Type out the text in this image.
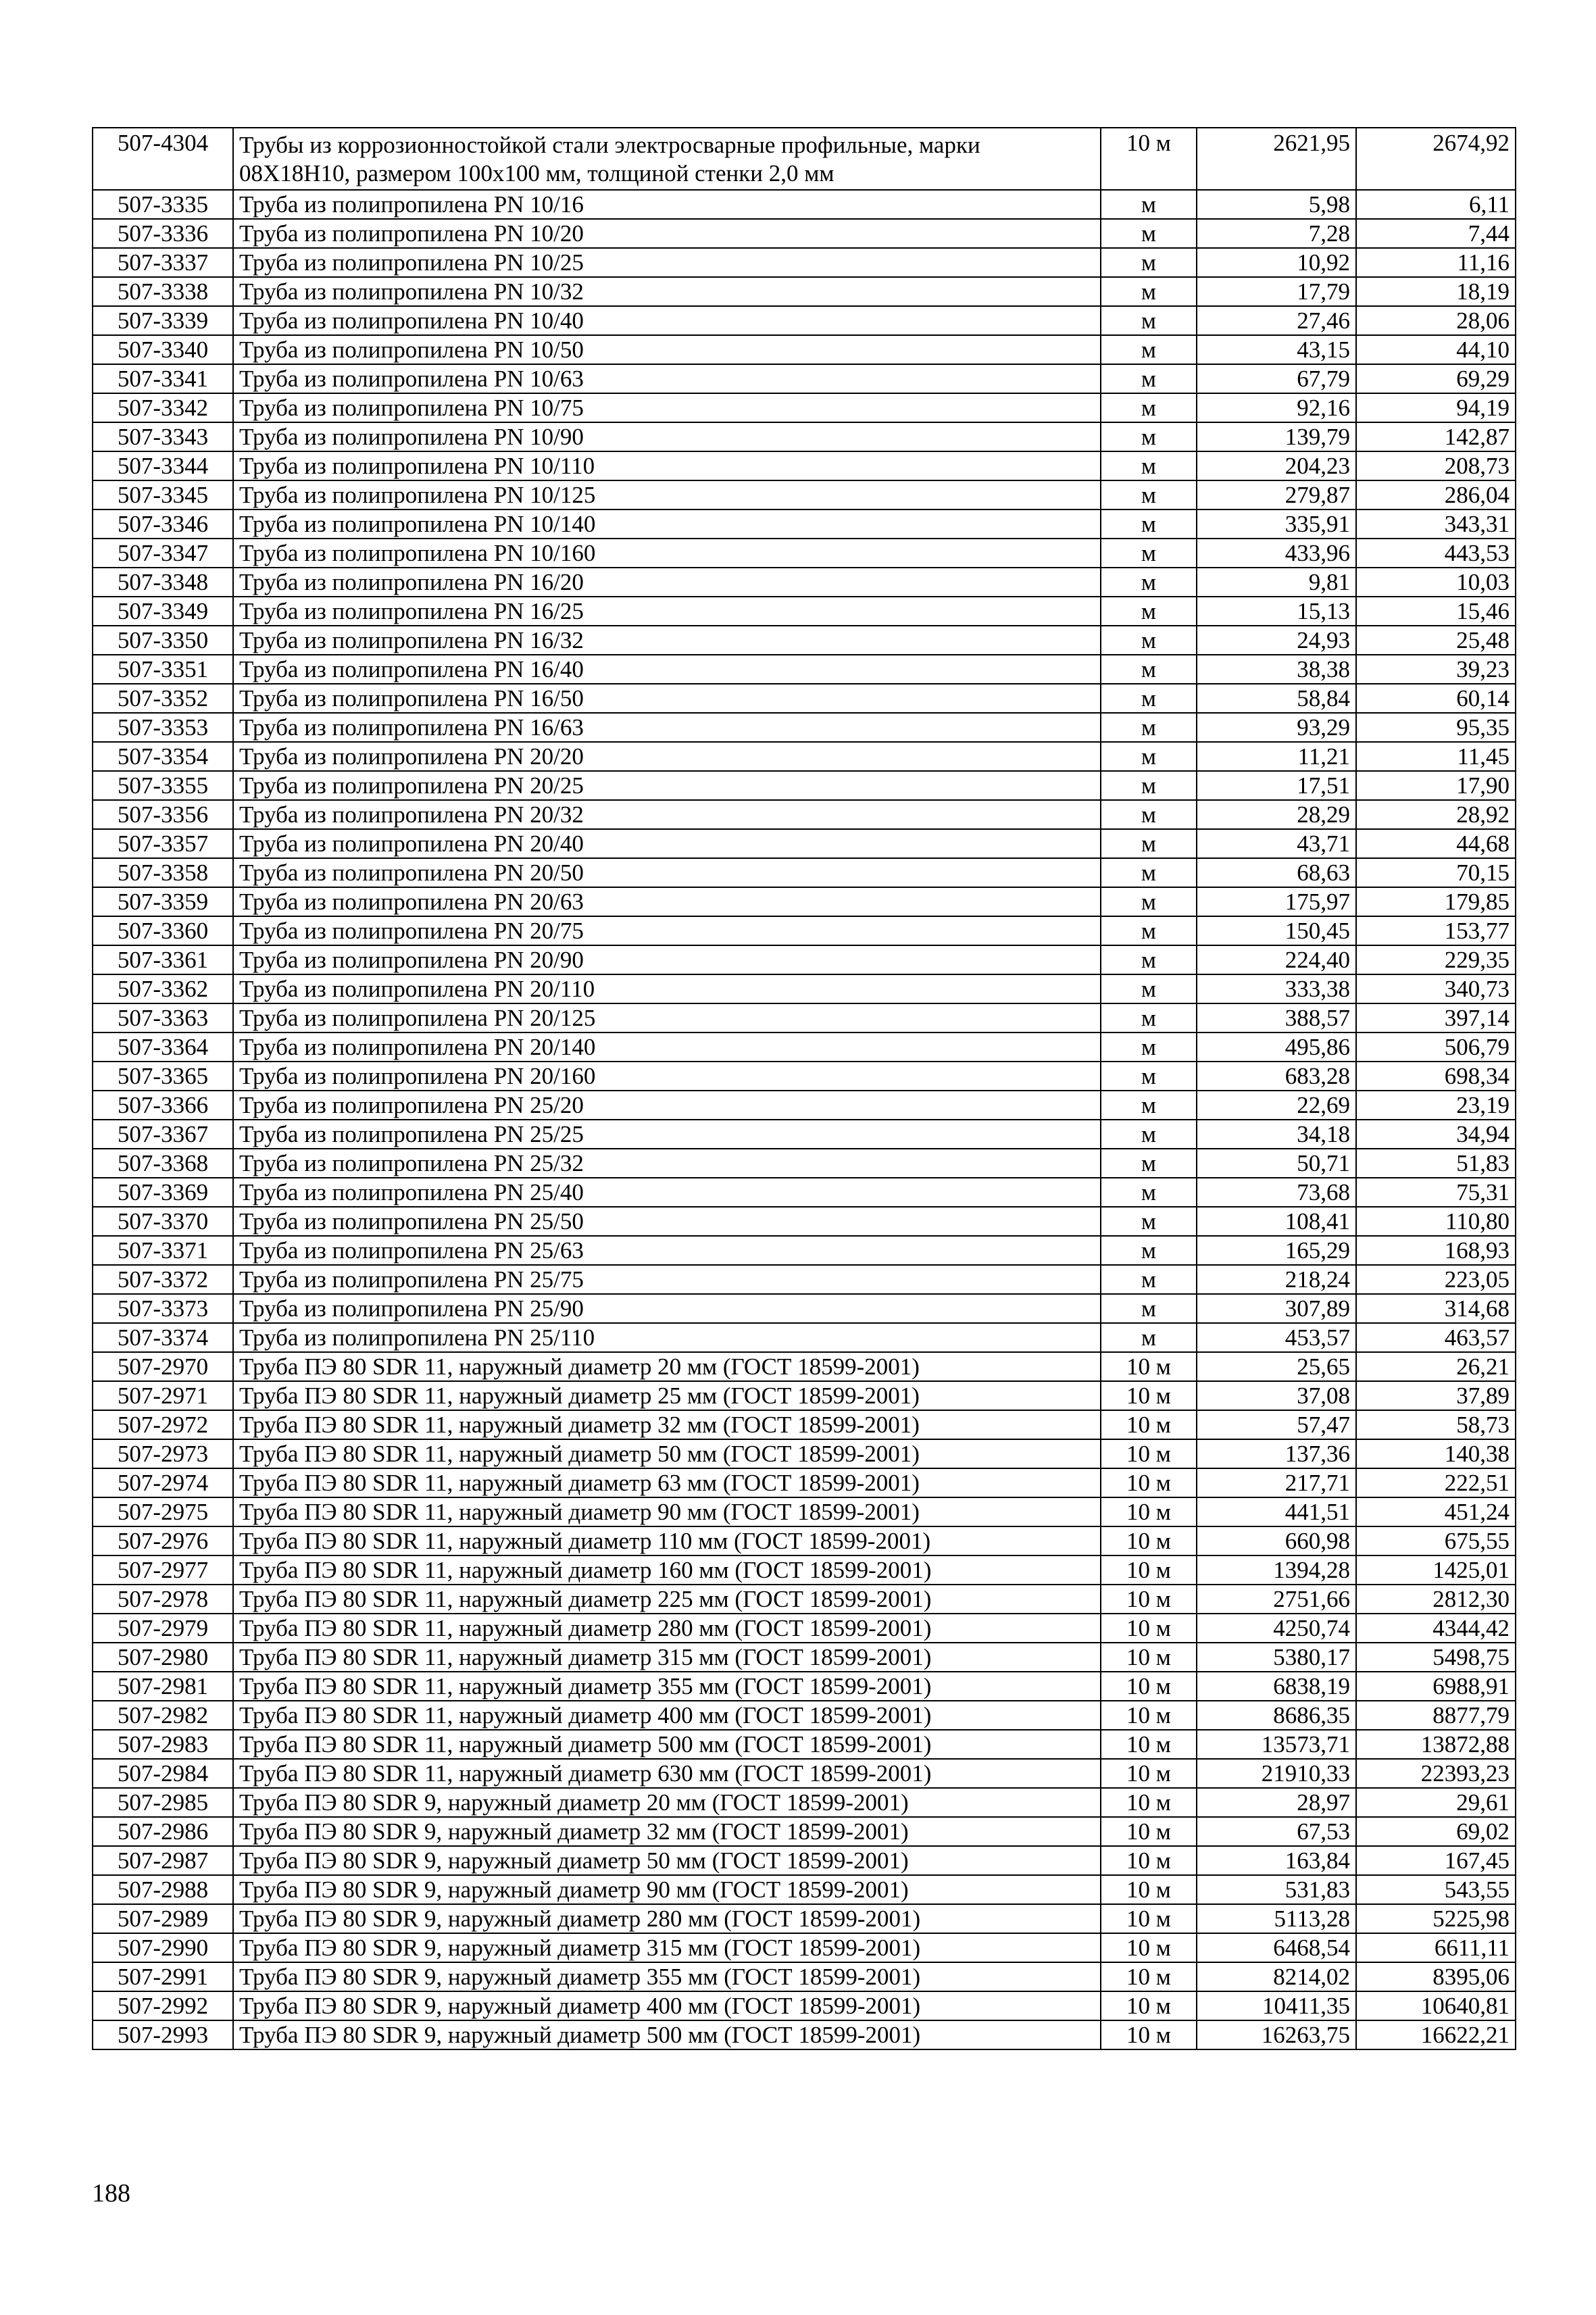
507-4304	Трубы из коррозионностойкой стали электросварные профильные, марки 08Х18Н10, размером 100х100 мм, толщиной стенки 2,0 мм	10 м	2621,95	2674,92
507-3335	Труба из полипропилена PN 10/16	м	5,98	6,11
507-3336	Труба из полипропилена PN 10/20	м	7,28	7,44
507-3337	Труба из полипропилена PN 10/25	м	10,92	11,16
507-3338	Труба из полипропилена PN 10/32	м	17,79	18,19
507-3339	Труба из полипропилена PN 10/40	м	27,46	28,06
507-3340	Труба из полипропилена PN 10/50	м	43,15	44,10
507-3341	Труба из полипропилена PN 10/63	м	67,79	69,29
507-3342	Труба из полипропилена PN 10/75	м	92,16	94,19
507-3343	Труба из полипропилена PN 10/90	м	139,79	142,87
507-3344	Труба из полипропилена PN 10/110	м	204,23	208,73
507-3345	Труба из полипропилена PN 10/125	м	279,87	286,04
507-3346	Труба из полипропилена PN 10/140	м	335,91	343,31
507-3347	Труба из полипропилена PN 10/160	м	433,96	443,53
507-3348	Труба из полипропилена PN 16/20	м	9,81	10,03
507-3349	Труба из полипропилена PN 16/25	м	15,13	15,46
507-3350	Труба из полипропилена PN 16/32	м	24,93	25,48
507-3351	Труба из полипропилена PN 16/40	м	38,38	39,23
507-3352	Труба из полипропилена PN 16/50	м	58,84	60,14
507-3353	Труба из полипропилена PN 16/63	м	93,29	95,35
507-3354	Труба из полипропилена PN 20/20	м	11,21	11,45
507-3355	Труба из полипропилена PN 20/25	м	17,51	17,90
507-3356	Труба из полипропилена PN 20/32	м	28,29	28,92
507-3357	Труба из полипропилена PN 20/40	м	43,71	44,68
507-3358	Труба из полипропилена PN 20/50	м	68,63	70,15
507-3359	Труба из полипропилена PN 20/63	м	175,97	179,85
507-3360	Труба из полипропилена PN 20/75	м	150,45	153,77
507-3361	Труба из полипропилена PN 20/90	м	224,40	229,35
507-3362	Труба из полипропилена PN 20/110	м	333,38	340,73
507-3363	Труба из полипропилена PN 20/125	м	388,57	397,14
507-3364	Труба из полипропилена PN 20/140	м	495,86	506,79
507-3365	Труба из полипропилена PN 20/160	м	683,28	698,34
507-3366	Труба из полипропилена PN 25/20	м	22,69	23,19
507-3367	Труба из полипропилена PN 25/25	м	34,18	34,94
507-3368	Труба из полипропилена PN 25/32	м	50,71	51,83
507-3369	Труба из полипропилена PN 25/40	м	73,68	75,31
507-3370	Труба из полипропилена PN 25/50	м	108,41	110,80
507-3371	Труба из полипропилена PN 25/63	м	165,29	168,93
507-3372	Труба из полипропилена PN 25/75	м	218,24	223,05
507-3373	Труба из полипропилена PN 25/90	м	307,89	314,68
507-3374	Труба из полипропилена PN 25/110	м	453,57	463,57
507-2970	Труба ПЭ 80 SDR 11, наружный диаметр 20 мм (ГОСТ 18599-2001)	10 м	25,65	26,21
507-2971	Труба ПЭ 80 SDR 11, наружный диаметр 25 мм (ГОСТ 18599-2001)	10 м	37,08	37,89
507-2972	Труба ПЭ 80 SDR 11, наружный диаметр 32 мм (ГОСТ 18599-2001)	10 м	57,47	58,73
507-2973	Труба ПЭ 80 SDR 11, наружный диаметр 50 мм (ГОСТ 18599-2001)	10 м	137,36	140,38
507-2974	Труба ПЭ 80 SDR 11, наружный диаметр 63 мм (ГОСТ 18599-2001)	10 м	217,71	222,51
507-2975	Труба ПЭ 80 SDR 11, наружный диаметр 90 мм (ГОСТ 18599-2001)	10 м	441,51	451,24
507-2976	Труба ПЭ 80 SDR 11, наружный диаметр 110 мм (ГОСТ 18599-2001)	10 м	660,98	675,55
507-2977	Труба ПЭ 80 SDR 11, наружный диаметр 160 мм (ГОСТ 18599-2001)	10 м	1394,28	1425,01
507-2978	Труба ПЭ 80 SDR 11, наружный диаметр 225 мм (ГОСТ 18599-2001)	10 м	2751,66	2812,30
507-2979	Труба ПЭ 80 SDR 11, наружный диаметр 280 мм (ГОСТ 18599-2001)	10 м	4250,74	4344,42
507-2980	Труба ПЭ 80 SDR 11, наружный диаметр 315 мм (ГОСТ 18599-2001)	10 м	5380,17	5498,75
507-2981	Труба ПЭ 80 SDR 11, наружный диаметр 355 мм (ГОСТ 18599-2001)	10 м	6838,19	6988,91
507-2982	Труба ПЭ 80 SDR 11, наружный диаметр 400 мм (ГОСТ 18599-2001)	10 м	8686,35	8877,79
507-2983	Труба ПЭ 80 SDR 11, наружный диаметр 500 мм (ГОСТ 18599-2001)	10 м	13573,71	13872,88
507-2984	Труба ПЭ 80 SDR 11, наружный диаметр 630 мм (ГОСТ 18599-2001)	10 м	21910,33	22393,23
507-2985	Труба ПЭ 80 SDR 9, наружный диаметр 20 мм (ГОСТ 18599-2001)	10 м	28,97	29,61
507-2986	Труба ПЭ 80 SDR 9, наружный диаметр 32 мм (ГОСТ 18599-2001)	10 м	67,53	69,02
507-2987	Труба ПЭ 80 SDR 9, наружный диаметр 50 мм (ГОСТ 18599-2001)	10 м	163,84	167,45
507-2988	Труба ПЭ 80 SDR 9, наружный диаметр 90 мм (ГОСТ 18599-2001)	10 м	531,83	543,55
507-2989	Труба ПЭ 80 SDR 9, наружный диаметр 280 мм (ГОСТ 18599-2001)	10 м	5113,28	5225,98
507-2990	Труба ПЭ 80 SDR 9, наружный диаметр 315 мм (ГОСТ 18599-2001)	10 м	6468,54	6611,11
507-2991	Труба ПЭ 80 SDR 9, наружный диаметр 355 мм (ГОСТ 18599-2001)	10 м	8214,02	8395,06
507-2992	Труба ПЭ 80 SDR 9, наружный диаметр 400 мм (ГОСТ 18599-2001)	10 м	10411,35	10640,81
507-2993	Труба ПЭ 80 SDR 9, наружный диаметр 500 мм (ГОСТ 18599-2001)	10 м	16263,75	16622,21
188
